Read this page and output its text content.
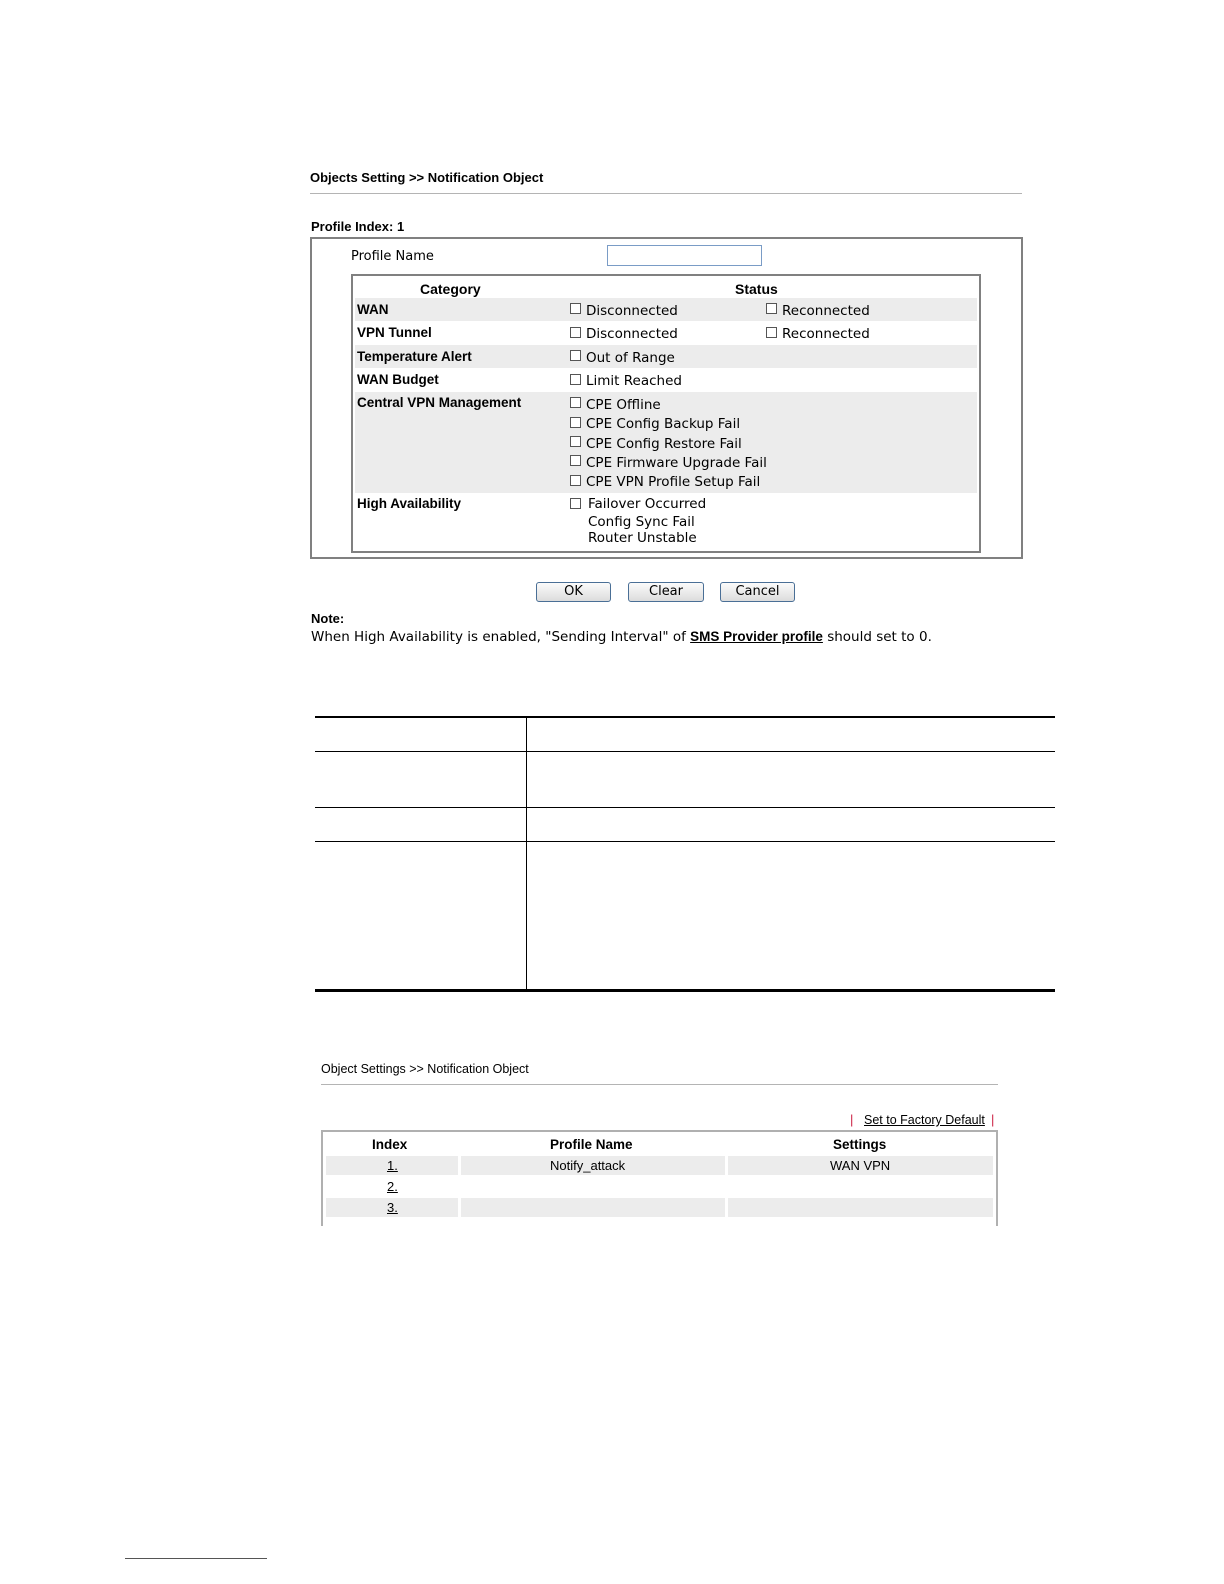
Objects Setting >> Notification Object
Profile Index: 1
Profile Name
Category	Status
WAN	Disconnected	Reconnected
VPN Tunnel	Disconnected	Reconnected
Temperature Alert	Out of Range
WAN Budget	Limit Reached
Central VPN Management	CPE Offline
CPE Config Backup Fail
CPE Config Restore Fail
CPE Firmware Upgrade Fail
CPE VPN Profile Setup Fail
High Availability	Failover Occurred
Config Sync Fail
Router Unstable
OK	Clear	Cancel
Note:
When High Availability is enabled, "Sending Interval" of SMS Provider profile should set to 0.
Object Settings >> Notification Object
| Set to Factory Default |
Index	Profile Name	Settings
1.	Notify_attack	WAN VPN
2.
3.
